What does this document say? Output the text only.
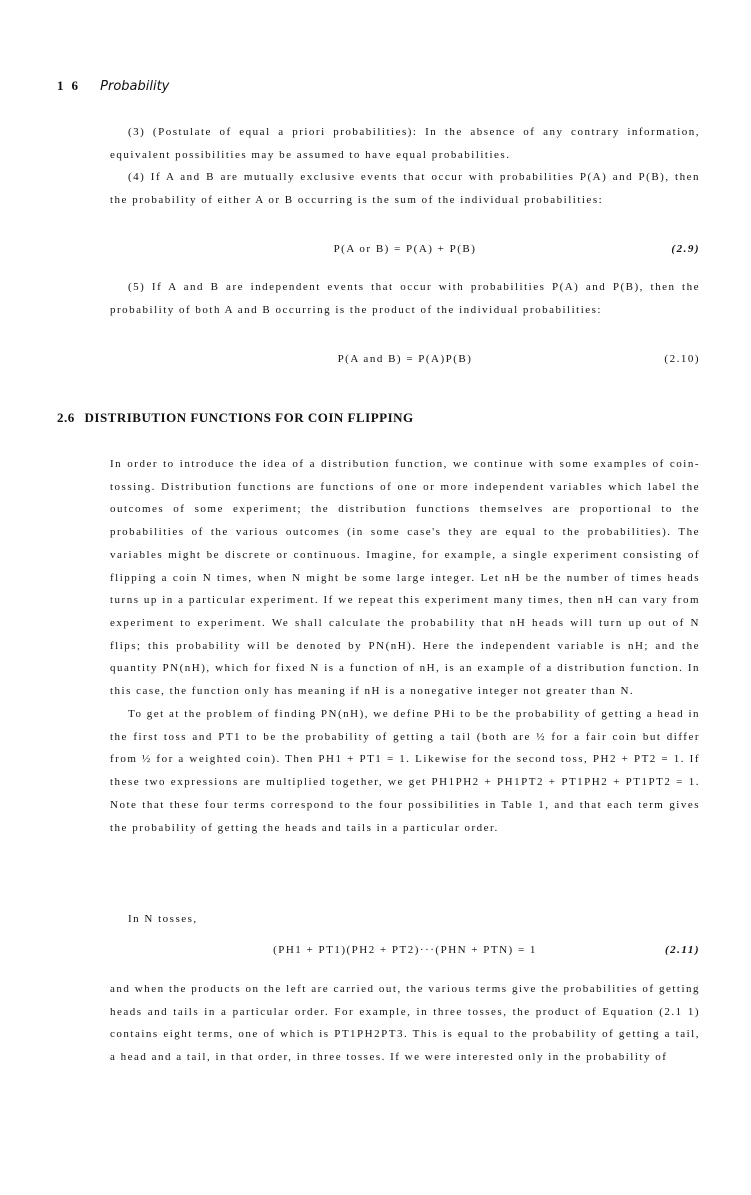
16 Probability

(3) (Postulate of equal a priori probabilities): In the absence of any contrary information, equivalent possibilities may be assumed to have equal probabilities.

(4) If A and B are mutually exclusive events that occur with probabilities P(A) and P(B), then the probability of either A or B occurring is the sum of the individual probabilities:

P(A or B) = P(A) + P(B)	(2.9)

(5) If A and B are independent events that occur with probabilities P(A) and P(B), then the probability of both A and B occurring is the product of the individual probabilities:

P(A and B) = P(A)P(B)	(2.10)
2.6 DISTRIBUTION FUNCTIONS FOR COIN FLIPPING

In order to introduce the idea of a distribution function, we continue with some examples of coin-tossing. Distribution functions are functions of one or more independent variables which label the outcomes of some experiment; the distribution functions themselves are proportional to the probabilities of the various outcomes (in some case's they are equal to the probabilities). The variables might be discrete or continuous. Imagine, for example, a single experiment consisting of flipping a coin N times, when N might be some large integer. Let nH be the number of times heads turns up in a particular experiment. If we repeat this experiment many times, then nH can vary from experiment to experiment. We shall calculate the probability that nH heads will turn up out of N flips; this probability will be denoted by PN(nH). Here the independent variable is nH; and the quantity PN(nH), which for fixed N is a function of nH, is an example of a distribution function. In this case, the function only has meaning if nH is a nonegative integer not greater than N.

To get at the problem of finding PN(nH), we define PHi to be the probability of getting a head in the first toss and PT1 to be the probability of getting a tail (both are ½ for a fair coin but differ from ½ for a weighted coin). Then PH1 + PT1 = 1. Likewise for the second toss, PH2 + PT2 = 1. If these two expressions are multiplied together, we get PH1PH2 + PH1PT2 + PT1PH2 + PT1PT2 = 1. Note that these four terms correspond to the four possibilities in Table 1, and that each term gives the probability of getting the heads and tails in a particular order.

In N tosses,

(PH1 + PT1)(PH2 + PT2)···(PHN + PTN) = 1	(2.11)

and when the products on the left are carried out, the various terms give the probabilities of getting heads and tails in a particular order. For example, in three tosses, the product of Equation (2.1 1) contains eight terms, one of which is PT1PH2PT3. This is equal to the probability of getting a tail, a head and a tail, in that order, in three tosses. If we were interested only in the probability of
